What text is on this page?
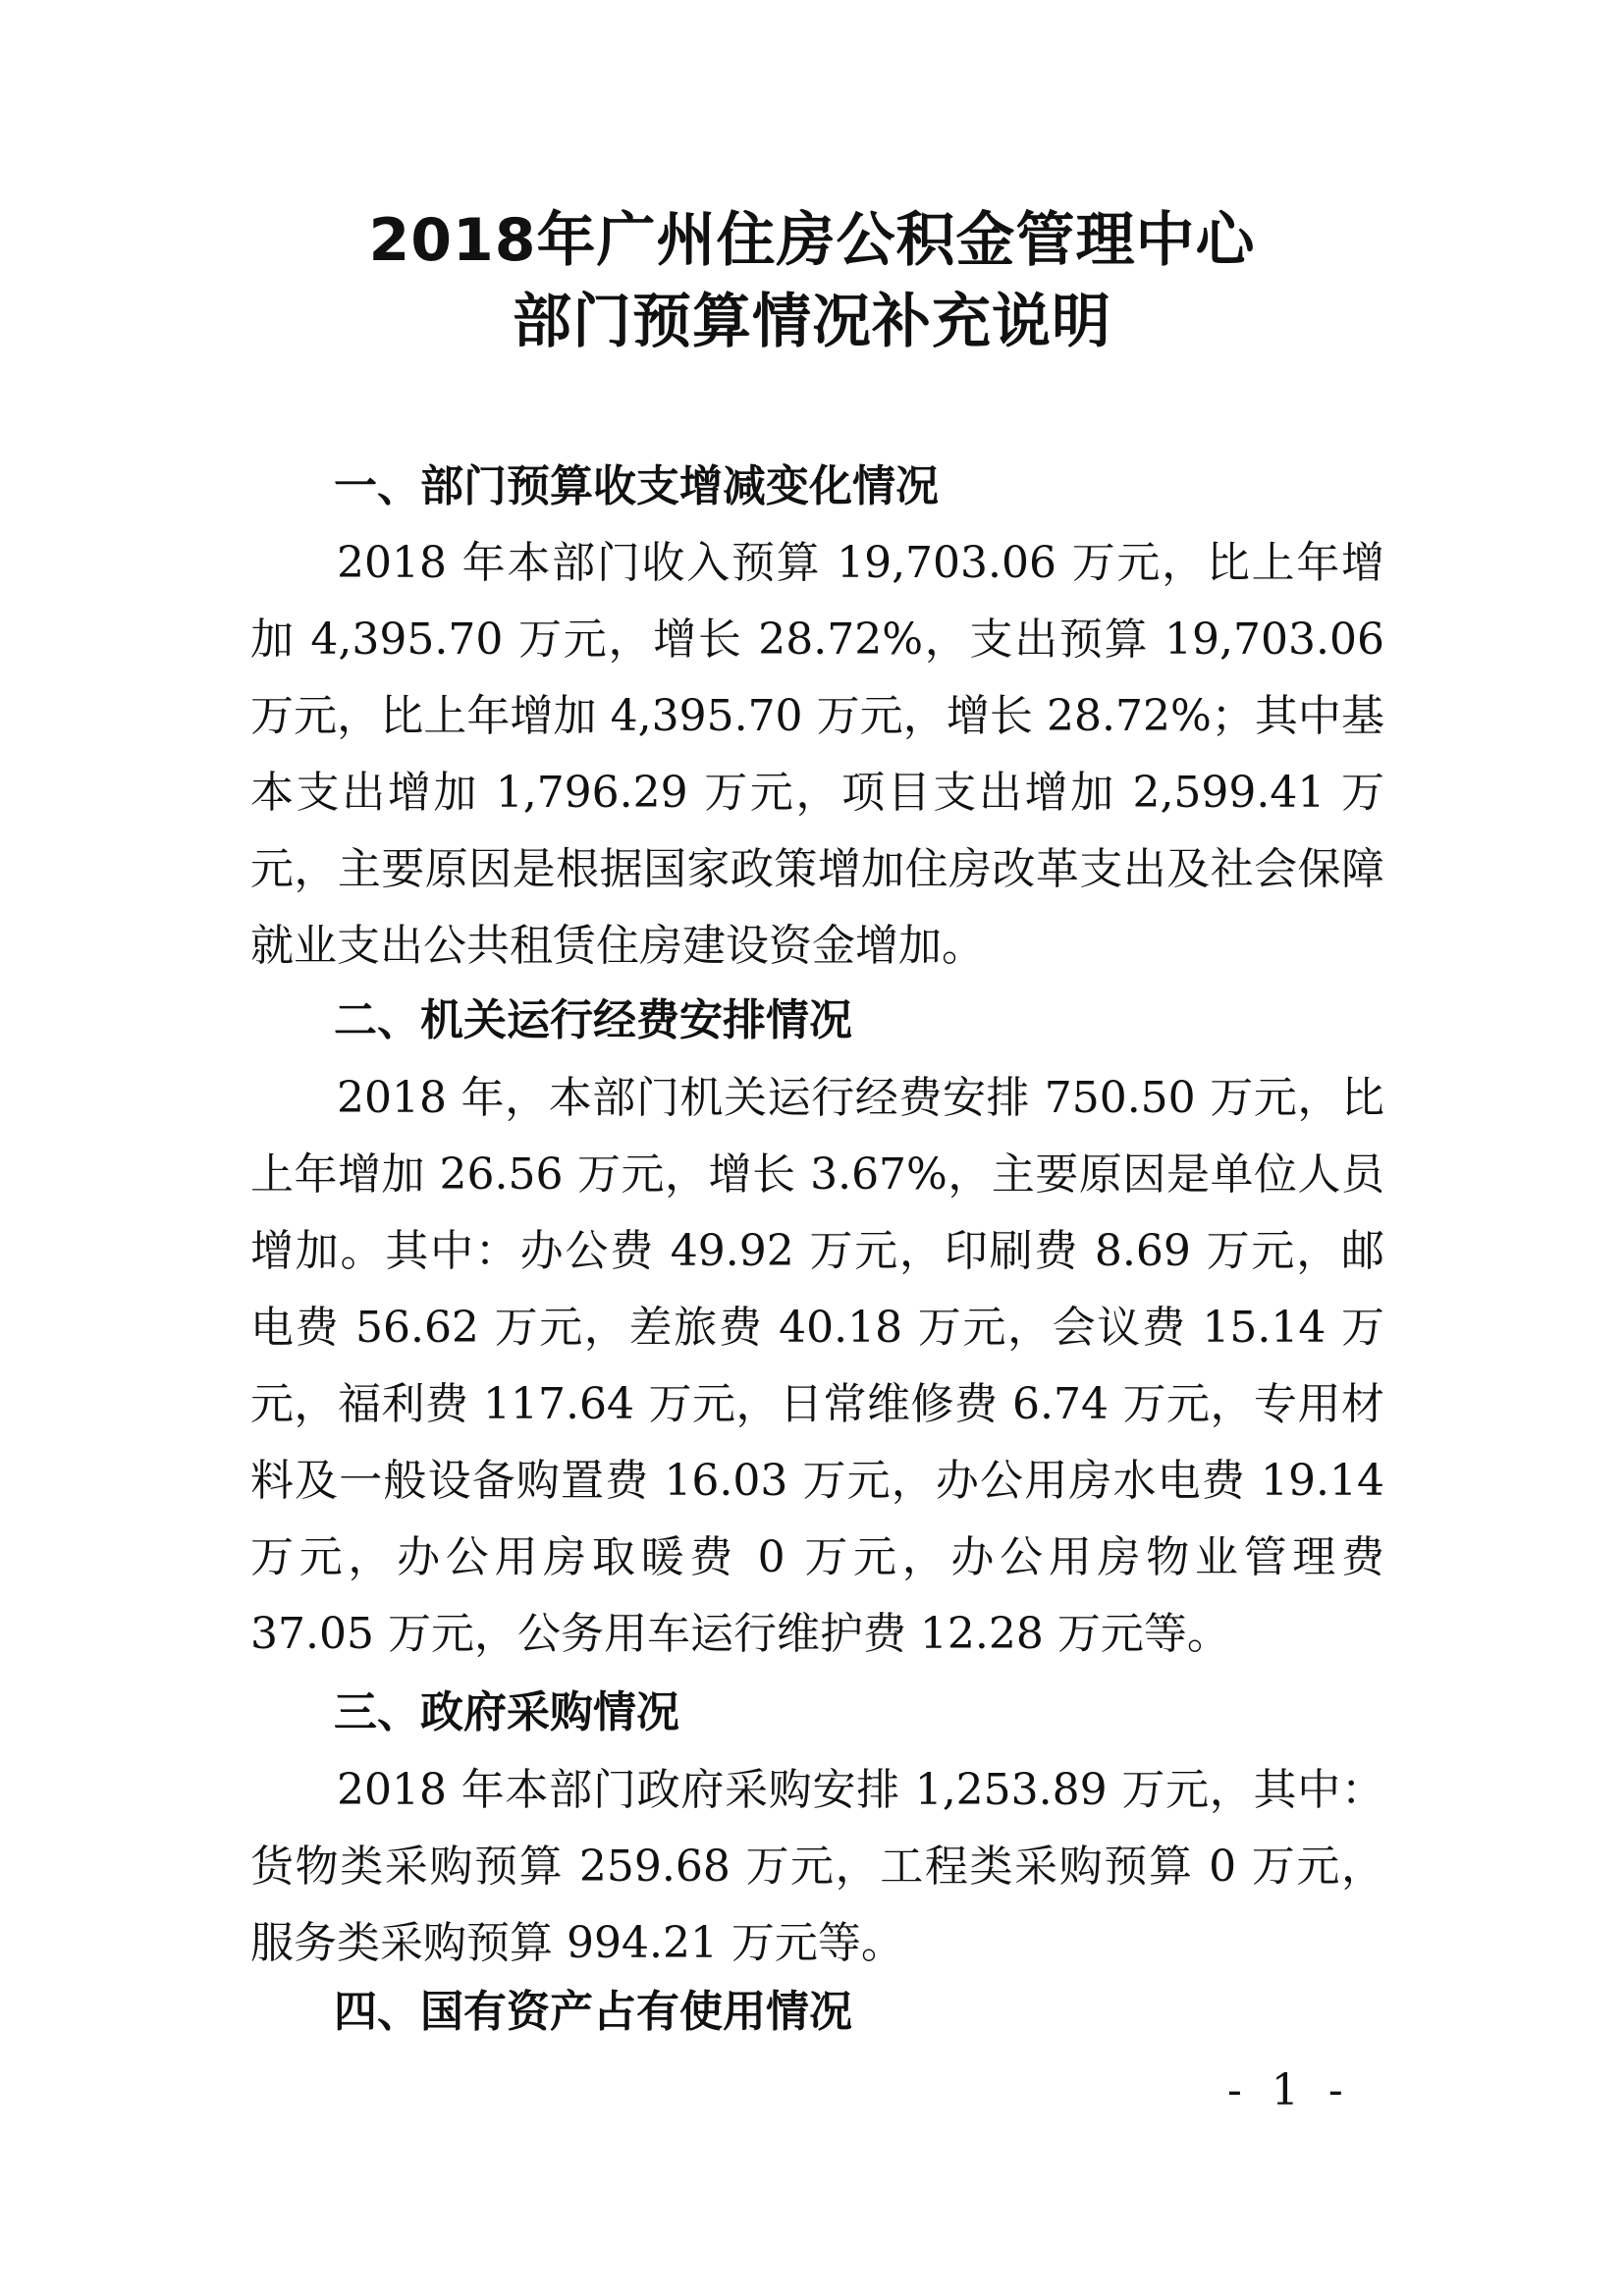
2018年广州住房公积金管理中心
部门预算情况补充说明
一、部门预算收支增减变化情况

2018 年本部门收入预算 19,703.06 万元，比上年增加 4,395.70 万元，增长 28.72%，支出预算 19,703.06 万元，比上年增加 4,395.70 万元，增长 28.72%；其中基本支出增加 1,796.29 万元，项目支出增加 2,599.41 万元，主要原因是根据国家政策增加住房改革支出及社会保障就业支出公共租赁住房建设资金增加。

二、机关运行经费安排情况

2018 年，本部门机关运行经费安排 750.50 万元，比上年增加 26.56 万元，增长 3.67%，主要原因是单位人员增加。其中：办公费 49.92 万元，印刷费 8.69 万元，邮电费 56.62 万元，差旅费 40.18 万元，会议费 15.14 万元，福利费 117.64 万元，日常维修费 6.74 万元，专用材料及一般设备购置费 16.03 万元，办公用房水电费 19.14 万元，办公用房取暖费 0 万元，办公用房物业管理费 37.05 万元，公务用车运行维护费 12.28 万元等。

三、政府采购情况

2018 年本部门政府采购安排 1,253.89 万元，其中：货物类采购预算 259.68 万元，工程类采购预算 0 万元，服务类采购预算 994.21 万元等。

四、国有资产占有使用情况
- 1 -
